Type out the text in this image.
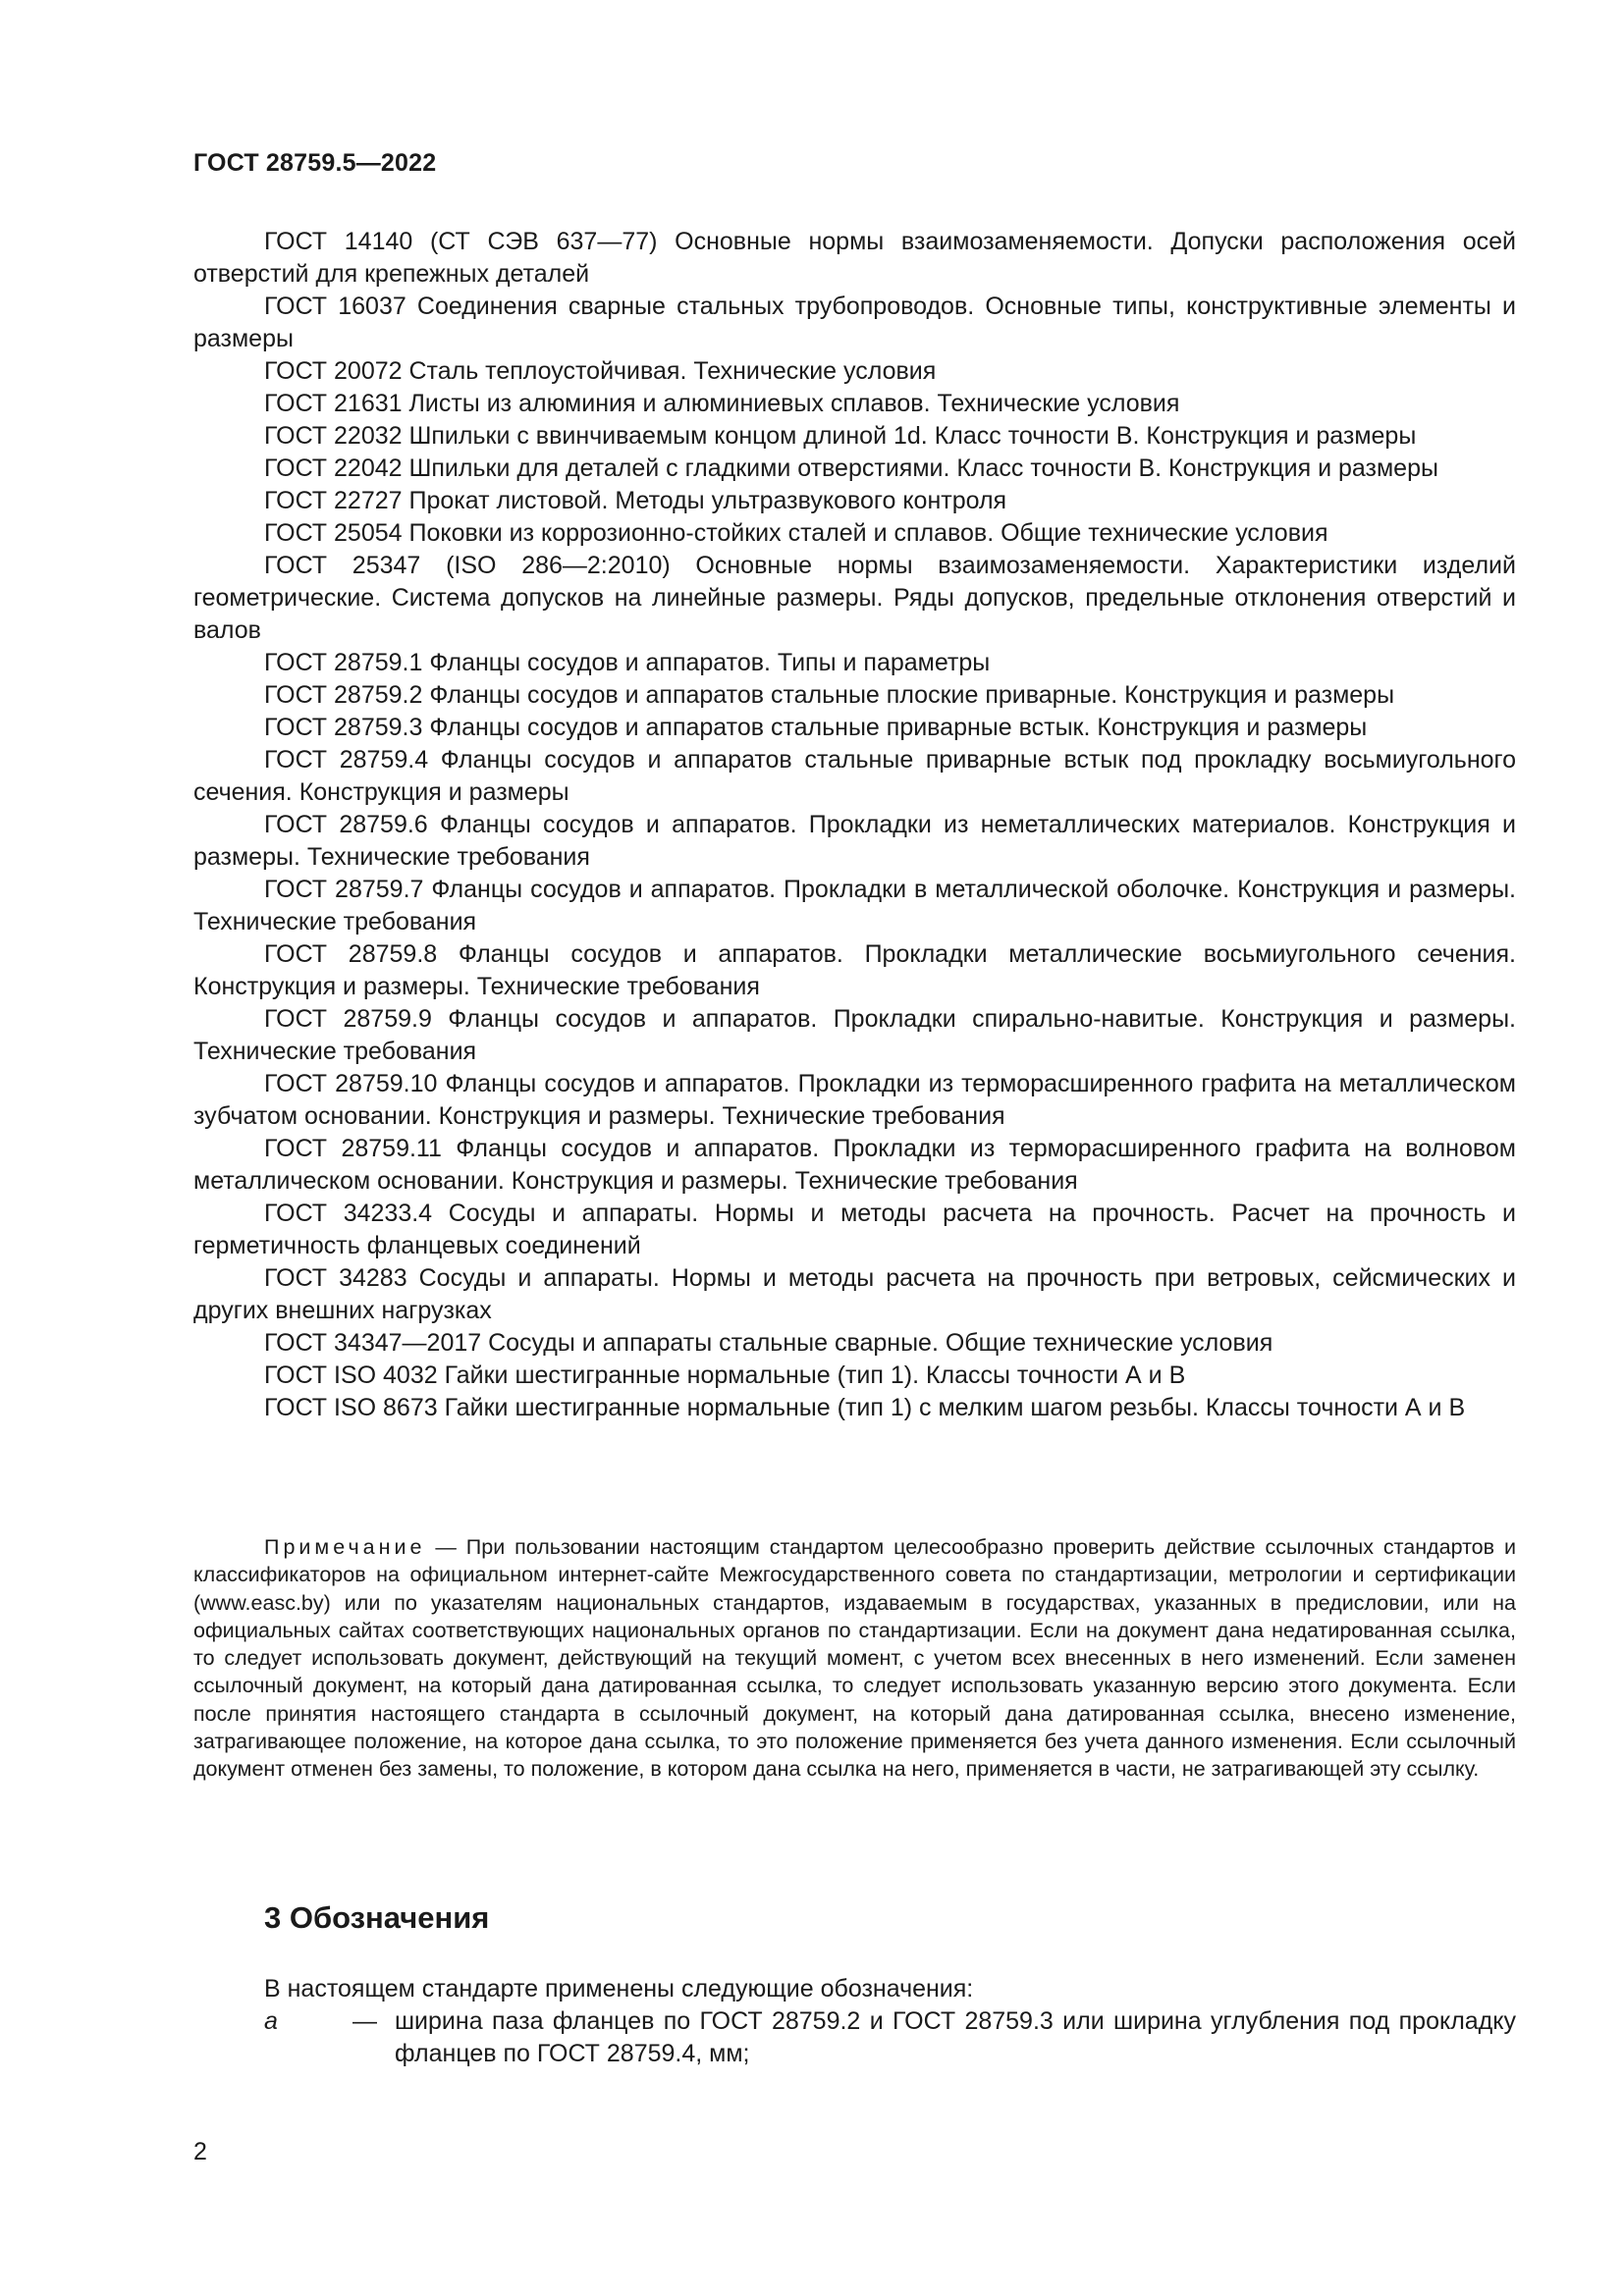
ГОСТ 28759.5—2022

ГОСТ 14140 (СТ СЭВ 637—77) Основные нормы взаимозаменяемости. Допуски расположения осей отверстий для крепежных деталей

ГОСТ 16037 Соединения сварные стальных трубопроводов. Основные типы, конструктивные элементы и размеры

ГОСТ 20072 Сталь теплоустойчивая. Технические условия

ГОСТ 21631 Листы из алюминия и алюминиевых сплавов. Технические условия

ГОСТ 22032 Шпильки с ввинчиваемым концом длиной 1d. Класс точности В. Конструкция и размеры

ГОСТ 22042 Шпильки для деталей с гладкими отверстиями. Класс точности В. Конструкция и размеры

ГОСТ 22727 Прокат листовой. Методы ультразвукового контроля

ГОСТ 25054 Поковки из коррозионно-стойких сталей и сплавов. Общие технические условия

ГОСТ 25347 (ISO 286—2:2010) Основные нормы взаимозаменяемости. Характеристики изделий геометрические. Система допусков на линейные размеры. Ряды допусков, предельные отклонения отверстий и валов

ГОСТ 28759.1 Фланцы сосудов и аппаратов. Типы и параметры

ГОСТ 28759.2 Фланцы сосудов и аппаратов стальные плоские приварные. Конструкция и размеры

ГОСТ 28759.3 Фланцы сосудов и аппаратов стальные приварные встык. Конструкция и размеры

ГОСТ 28759.4 Фланцы сосудов и аппаратов стальные приварные встык под прокладку восьмиугольного сечения. Конструкция и размеры

ГОСТ 28759.6 Фланцы сосудов и аппаратов. Прокладки из неметаллических материалов. Конструкция и размеры. Технические требования

ГОСТ 28759.7 Фланцы сосудов и аппаратов. Прокладки в металлической оболочке. Конструкция и размеры. Технические требования

ГОСТ 28759.8 Фланцы сосудов и аппаратов. Прокладки металлические восьмиугольного сечения. Конструкция и размеры. Технические требования

ГОСТ 28759.9 Фланцы сосудов и аппаратов. Прокладки спирально-навитые. Конструкция и размеры. Технические требования

ГОСТ 28759.10 Фланцы сосудов и аппаратов. Прокладки из терморасширенного графита на металлическом зубчатом основании. Конструкция и размеры. Технические требования

ГОСТ 28759.11 Фланцы сосудов и аппаратов. Прокладки из терморасширенного графита на волновом металлическом основании. Конструкция и размеры. Технические требования

ГОСТ 34233.4 Сосуды и аппараты. Нормы и методы расчета на прочность. Расчет на прочность и герметичность фланцевых соединений

ГОСТ 34283 Сосуды и аппараты. Нормы и методы расчета на прочность при ветровых, сейсмических и других внешних нагрузках

ГОСТ 34347—2017 Сосуды и аппараты стальные сварные. Общие технические условия

ГОСТ ISO 4032 Гайки шестигранные нормальные (тип 1). Классы точности А и В

ГОСТ ISO 8673 Гайки шестигранные нормальные (тип 1) с мелким шагом резьбы. Классы точности А и В

Примечание — При пользовании настоящим стандартом целесообразно проверить действие ссылочных стандартов и классификаторов на официальном интернет-сайте Межгосударственного совета по стандартизации, метрологии и сертификации (www.easc.by) или по указателям национальных стандартов, издаваемым в государствах, указанных в предисловии, или на официальных сайтах соответствующих национальных органов по стандартизации. Если на документ дана недатированная ссылка, то следует использовать документ, действующий на текущий момент, с учетом всех внесенных в него изменений. Если заменен ссылочный документ, на который дана датированная ссылка, то следует использовать указанную версию этого документа. Если после принятия настоящего стандарта в ссылочный документ, на который дана датированная ссылка, внесено изменение, затрагивающее положение, на которое дана ссылка, то это положение применяется без учета данного изменения. Если ссылочный документ отменен без замены, то положение, в котором дана ссылка на него, применяется в части, не затрагивающей эту ссылку.

3 Обозначения

В настоящем стандарте применены следующие обозначения:

a	— ширина паза фланцев по ГОСТ 28759.2 и ГОСТ 28759.3 или ширина углубления под прокладку фланцев по ГОСТ 28759.4, мм;
2
